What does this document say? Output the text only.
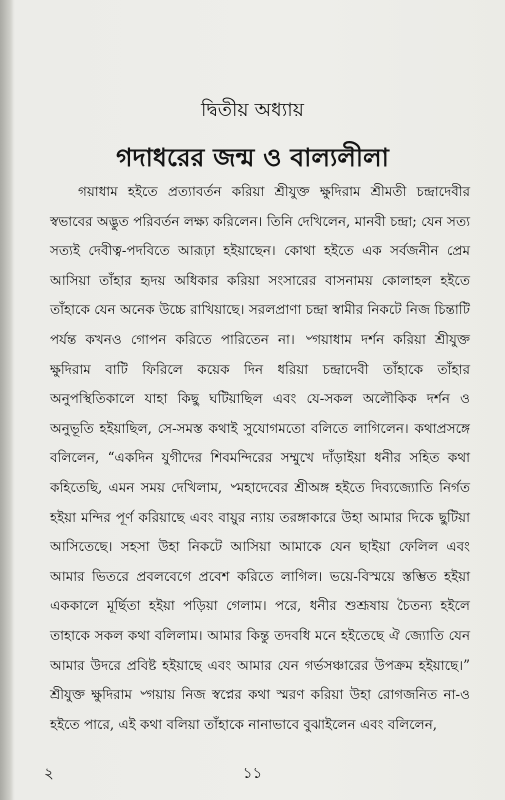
দ্বিতীয় অধ্যায়
গদাধরের জন্ম ও বাল্যলীলা

গয়াধাম হইতে প্রত্যাবর্তন করিয়া শ্রীযুক্ত ক্ষুদিরাম শ্রীমতী চন্দ্রাদেবীর স্বভাবের অদ্ভুত পরিবর্তন লক্ষ্য করিলেন। তিনি দেখিলেন, মানবী চন্দ্রা; যেন সত্য সত্যই দেবীত্ব-পদবিতে আরূঢ়া হইয়াছেন। কোথা হইতে এক সর্বজনীন প্রেম আসিয়া তাঁহার হৃদয় অধিকার করিয়া সংসারের বাসনাময় কোলাহল হইতে তাঁহাকে যেন অনেক উচ্চে রাখিয়াছে। সরলপ্রাণা চন্দ্রা স্বামীর নিকটে নিজ চিন্তাটি পর্যন্ত কখনও গোপন করিতে পারিতেন না। ৺গয়াধাম দর্শন করিয়া শ্রীযুক্ত ক্ষুদিরাম বাটি ফিরিলে কয়েক দিন ধরিয়া চন্দ্রাদেবী তাঁহাকে তাঁহার অনুপস্থিতিকালে যাহা কিছু ঘটিয়াছিল এবং যে-সকল অলৌকিক দর্শন ও অনুভূতি হইয়াছিল, সে-সমস্ত কথাই সুযোগমতো বলিতে লাগিলেন। কথাপ্রসঙ্গে বলিলেন, “একদিন যুগীদের শিবমন্দিরের সম্মুখে দাঁড়াইয়া ধনীর সহিত কথা কহিতেছি, এমন সময় দেখিলাম, ৺মহাদেবের শ্রীঅঙ্গ হইতে দিব্যজ্যোতি নির্গত হইয়া মন্দির পূর্ণ করিয়াছে এবং বায়ুর ন্যায় তরঙ্গাকারে উহা আমার দিকে ছুটিয়া আসিতেছে। সহসা উহা নিকটে আসিয়া আমাকে যেন ছাইয়া ফেলিল এবং আমার ভিতরে প্রবলবেগে প্রবেশ করিতে লাগিল। ভয়ে-বিস্ময়ে স্তম্ভিত হইয়া এককালে মূর্ছিতা হইয়া পড়িয়া গেলাম। পরে, ধনীর শুশ্রূষায় চৈতন্য হইলে তাহাকে সকল কথা বলিলাম। আমার কিন্তু তদবধি মনে হইতেছে ঐ জ্যোতি যেন আমার উদরে প্রবিষ্ট হইয়াছে এবং আমার যেন গর্ভসঞ্চারের উপক্রম হইয়াছে।” শ্রীযুক্ত ক্ষুদিরাম ৺গয়ায় নিজ স্বপ্নের কথা স্মরণ করিয়া উহা রোগজনিত না-ও হইতে পারে, এই কথা বলিয়া তাঁহাকে নানাভাবে বুঝাইলেন এবং বলিলেন,

২	১১
